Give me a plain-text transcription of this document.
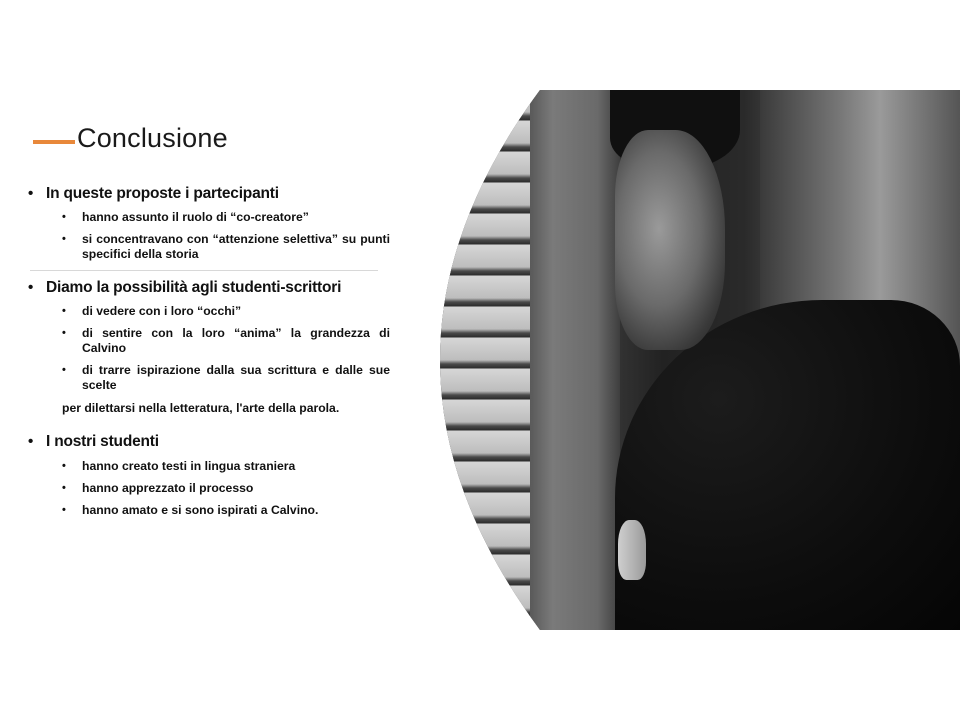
Conclusione
• In queste proposte i partecipanti
• hanno assunto il ruolo di “co-creatore”
• si concentravano con “attenzione selettiva” su punti specifici della storia
• Diamo la possibilità agli studenti-scrittori
• di vedere con i loro “occhi”
• di sentire con la loro “anima” la grandezza di Calvino
• di trarre ispirazione dalla sua scrittura e dalle sue scelte
per dilettarsi nella letteratura, l'arte della parola.
• I nostri studenti
• hanno creato testi in lingua straniera
• hanno apprezzato il processo
• hanno amato e si sono ispirati a Calvino.
